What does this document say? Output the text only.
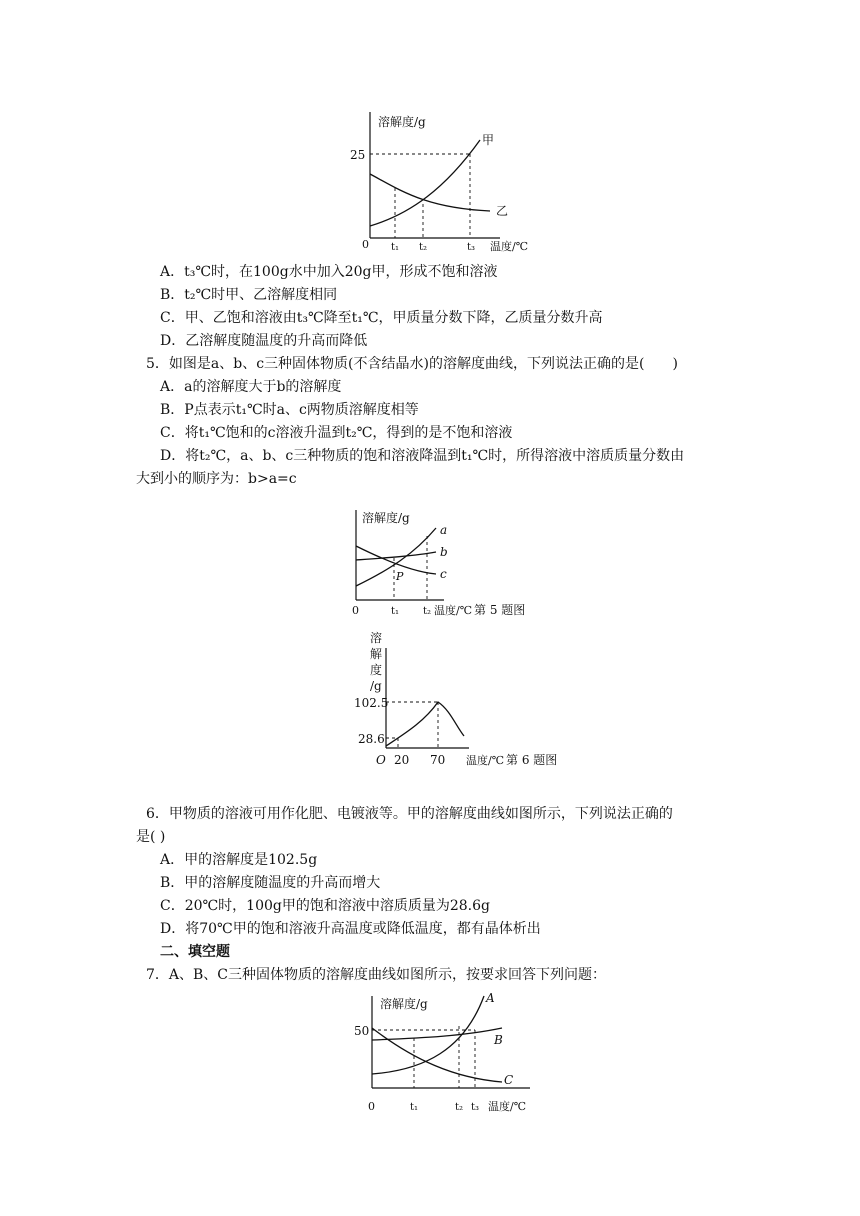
溶解度/g
温度/℃
0
25
t₁ t₂	t₃
甲
乙
A．t₃℃时，在100g水中加入20g甲，形成不饱和溶液
B．t₂℃时甲、乙溶解度相同
C．甲、乙饱和溶液由t₃℃降至t₁℃，甲质量分数下降，乙质量分数升高
D．乙溶解度随温度的升高而降低
5．如图是a、b、c三种固体物质(不含结晶水)的溶解度曲线，下列说法正确的是(　　)
A．a的溶解度大于b的溶解度
B．P点表示t₁℃时a、c两物质溶解度相等
C．将t₁℃饱和的c溶液升温到t₂℃，得到的是不饱和溶液
D．将t₂℃，a、b、c三种物质的饱和溶液降温到t₁℃时，所得溶液中溶质质量分数由
大到小的顺序为：b>a=c
溶解度/g
温度/℃ 第 5 题图
0	t₁ t₂
a
b
c
P
溶
解
度
/g
102.5
28.6
O 20 70 温度/℃ 第 6 题图
6．甲物质的溶液可用作化肥、电镀液等。甲的溶解度曲线如图所示，下列说法正确的
是( )
A．甲的溶解度是102.5g
B．甲的溶解度随温度的升高而增大
C．20℃时，100g甲的饱和溶液中溶质质量为28.6g
D．将70℃甲的饱和溶液升高温度或降低温度，都有晶体析出
二、填空题
7．A、B、C三种固体物质的溶解度曲线如图所示，按要求回答下列问题：
溶解度/g
温度/℃
0
50
t₁	t₂ t₃
A
B
C
